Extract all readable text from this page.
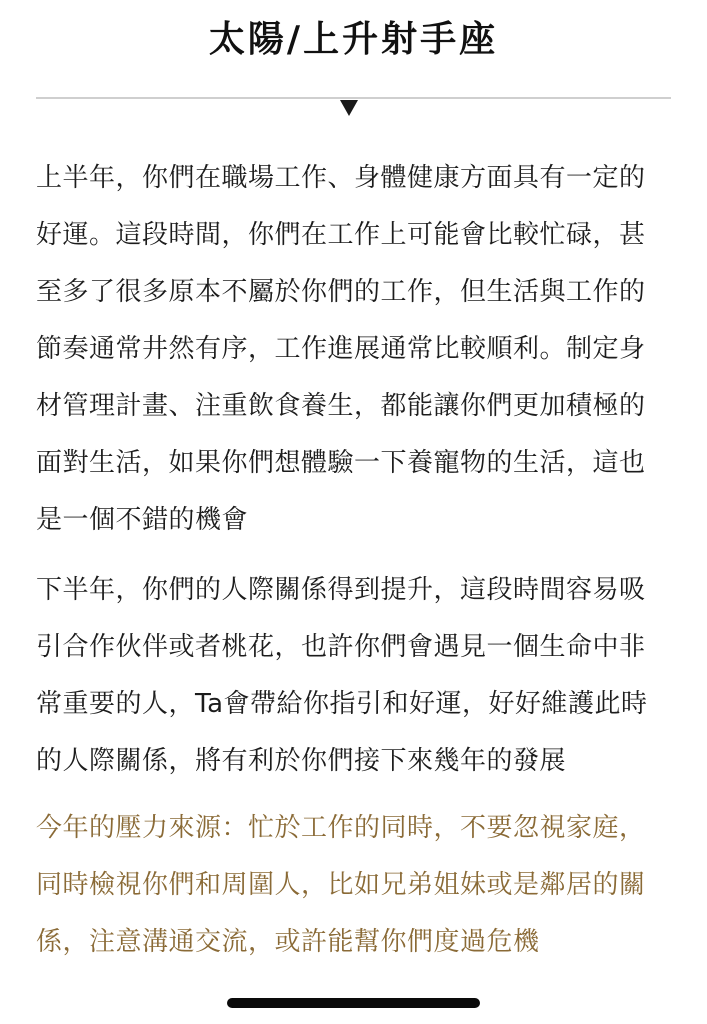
太陽/上升射手座

上半年，你們在職場工作、身體健康方面具有一定的
好運。這段時間，你們在工作上可能會比較忙碌，甚
至多了很多原本不屬於你們的工作，但生活與工作的
節奏通常井然有序，工作進展通常比較順利。制定身
材管理計畫、注重飲食養生，都能讓你們更加積極的
面對生活，如果你們想體驗一下養寵物的生活，這也
是一個不錯的機會

下半年，你們的人際關係得到提升，這段時間容易吸
引合作伙伴或者桃花，也許你們會遇見一個生命中非
常重要的人，Ta會帶給你指引和好運，好好維護此時
的人際關係，將有利於你們接下來幾年的發展

今年的壓力來源：忙於工作的同時，不要忽視家庭，
同時檢視你們和周圍人，比如兄弟姐妹或是鄰居的關
係，注意溝通交流，或許能幫你們度過危機
